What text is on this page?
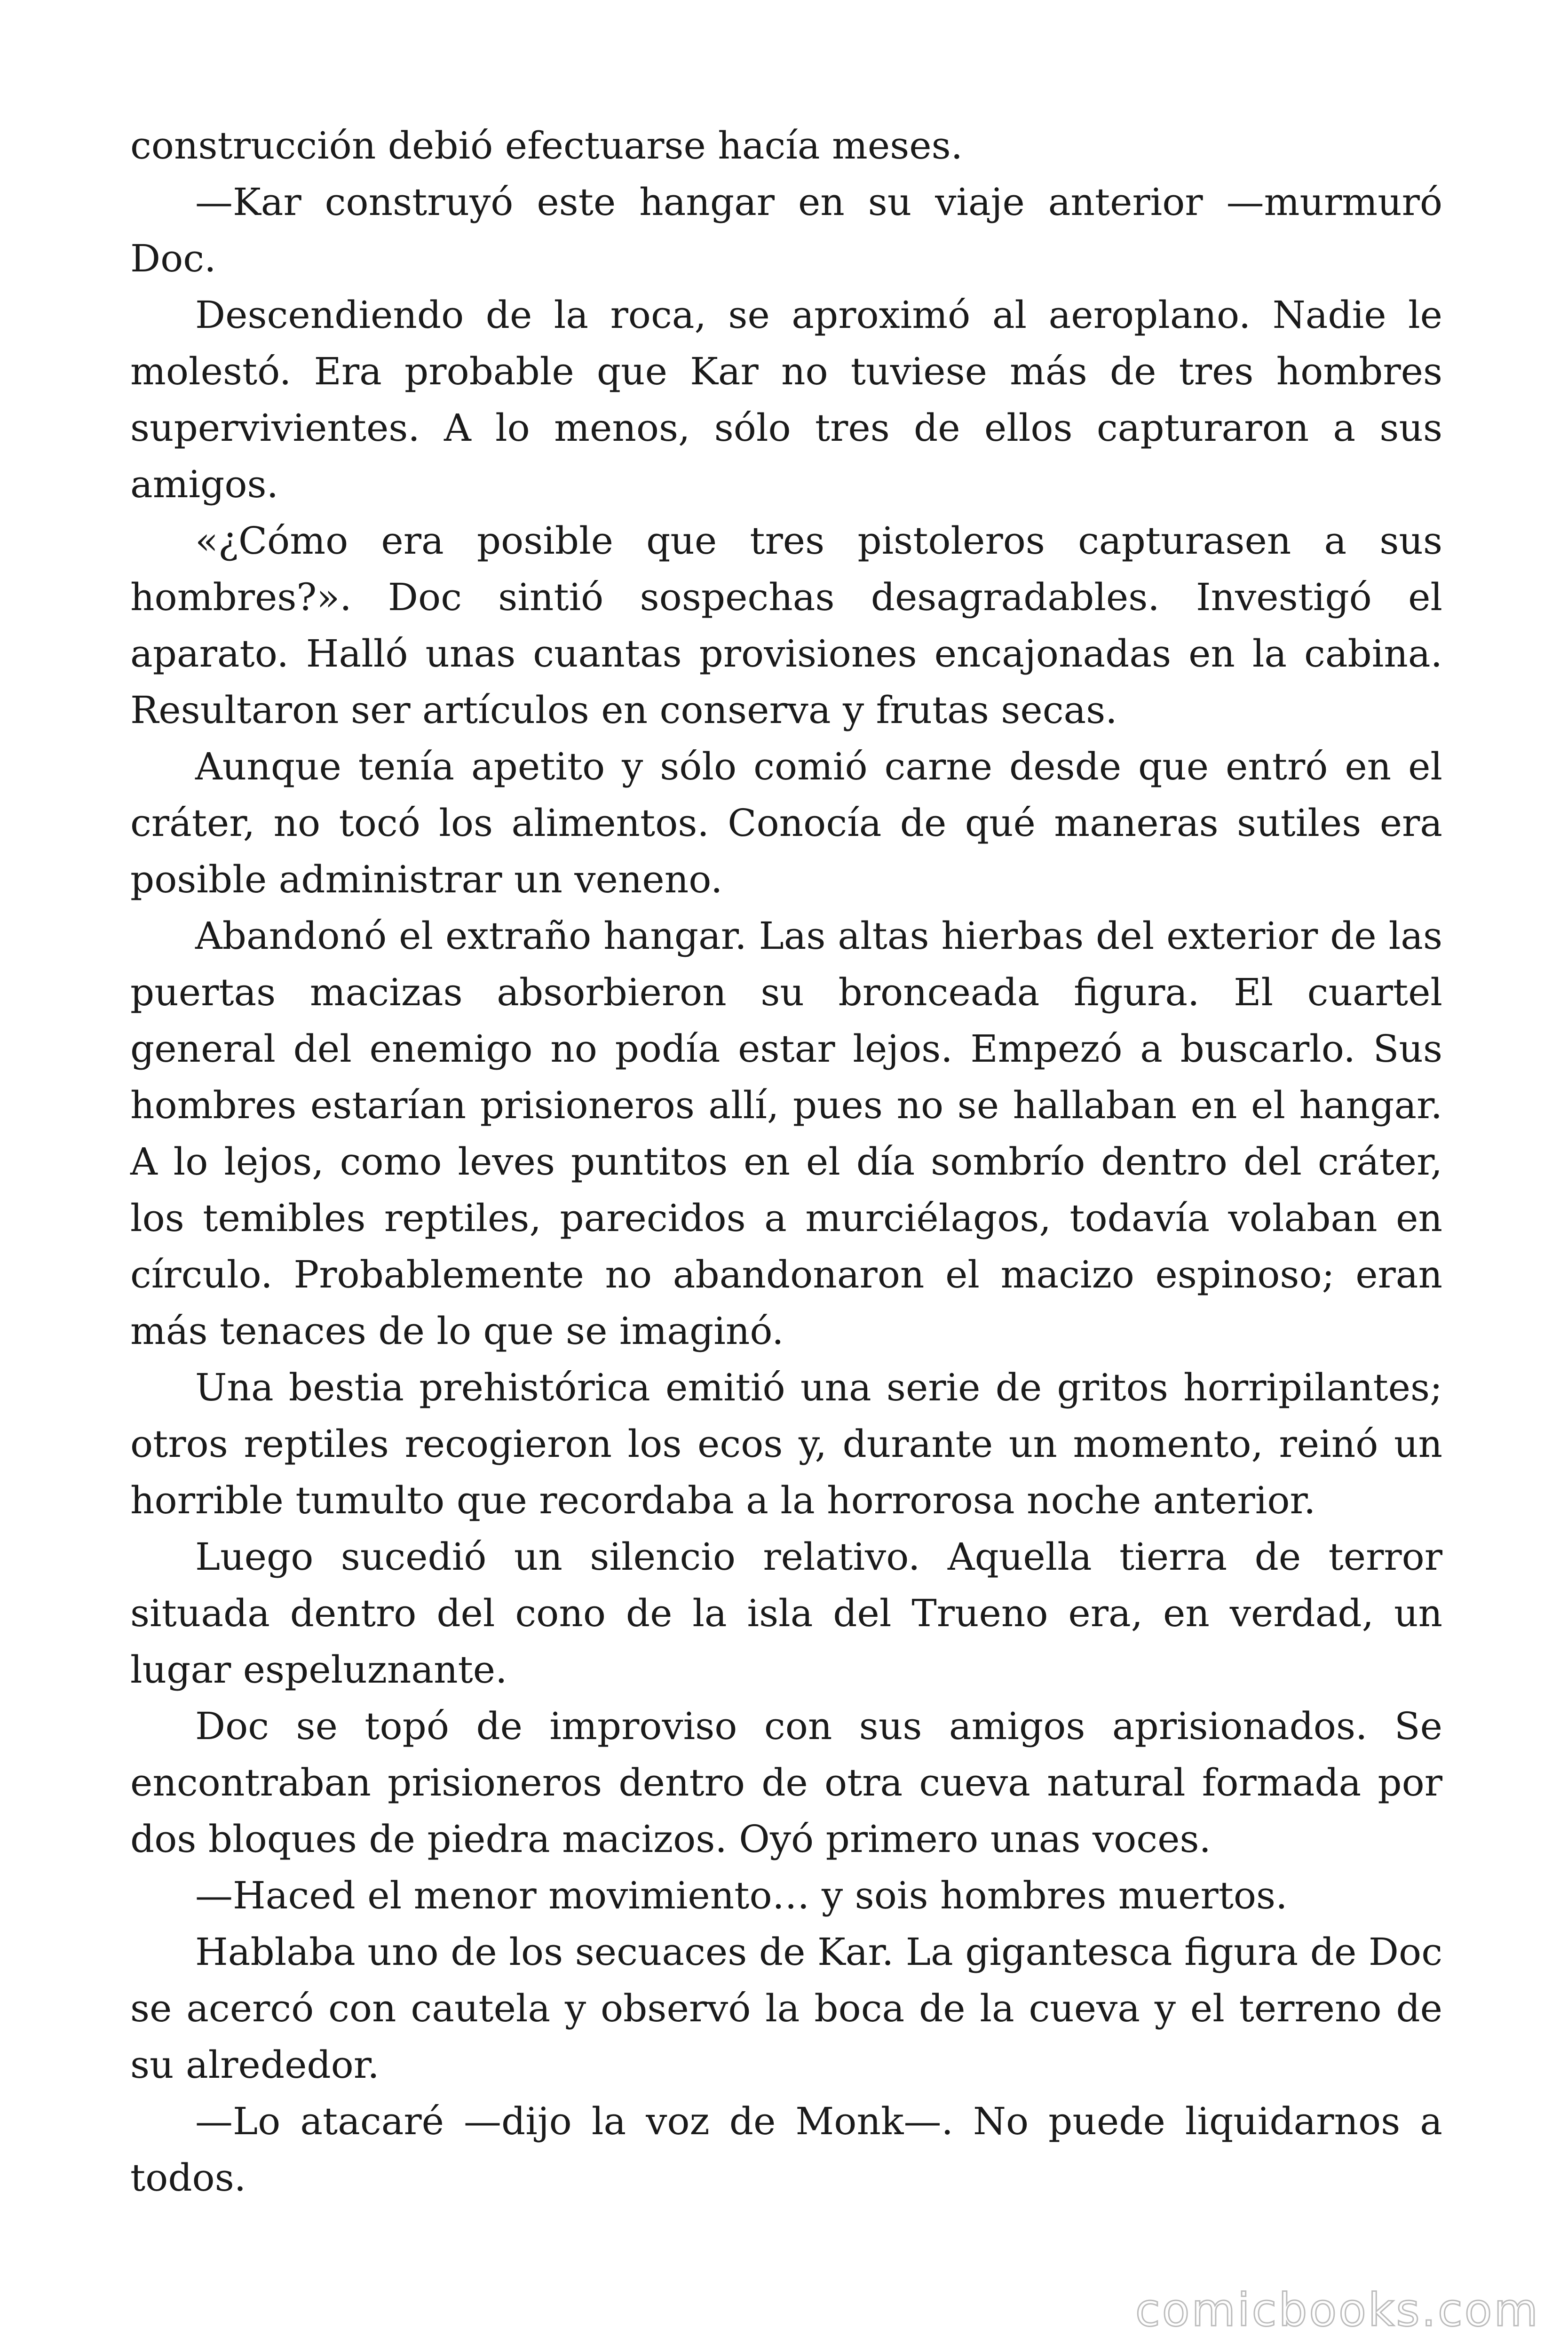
construcción debió efectuarse hacía meses.

—Kar construyó este hangar en su viaje anterior —murmuró Doc.

Descendiendo de la roca, se aproximó al aeroplano. Nadie le molestó. Era probable que Kar no tuviese más de tres hombres supervivientes. A lo menos, sólo tres de ellos capturaron a sus amigos.

«¿Cómo era posible que tres pistoleros capturasen a sus hombres?». Doc sintió sospechas desagradables. Investigó el aparato. Halló unas cuantas provisiones encajonadas en la cabina. Resultaron ser artículos en conserva y frutas secas.

Aunque tenía apetito y sólo comió carne desde que entró en el cráter, no tocó los alimentos. Conocía de qué maneras sutiles era posible administrar un veneno.

Abandonó el extraño hangar. Las altas hierbas del exterior de las puertas macizas absorbieron su bronceada figura. El cuartel general del enemigo no podía estar lejos. Empezó a buscarlo. Sus hombres estarían prisioneros allí, pues no se hallaban en el hangar. A lo lejos, como leves puntitos en el día sombrío dentro del cráter, los temibles reptiles, parecidos a murciélagos, todavía volaban en círculo. Probablemente no abandonaron el macizo espinoso; eran más tenaces de lo que se imaginó.

Una bestia prehistórica emitió una serie de gritos horripilantes; otros reptiles recogieron los ecos y, durante un momento, reinó un horrible tumulto que recordaba a la horrorosa noche anterior.

Luego sucedió un silencio relativo. Aquella tierra de terror situada dentro del cono de la isla del Trueno era, en verdad, un lugar espeluznante.

Doc se topó de improviso con sus amigos aprisionados. Se encontraban prisioneros dentro de otra cueva natural formada por dos bloques de piedra macizos. Oyó primero unas voces.

—Haced el menor movimiento… y sois hombres muertos.

Hablaba uno de los secuaces de Kar. La gigantesca figura de Doc se acercó con cautela y observó la boca de la cueva y el terreno de su alrededor.

—Lo atacaré —dijo la voz de Monk—. No puede liquidarnos a todos.

comicbooks.com
